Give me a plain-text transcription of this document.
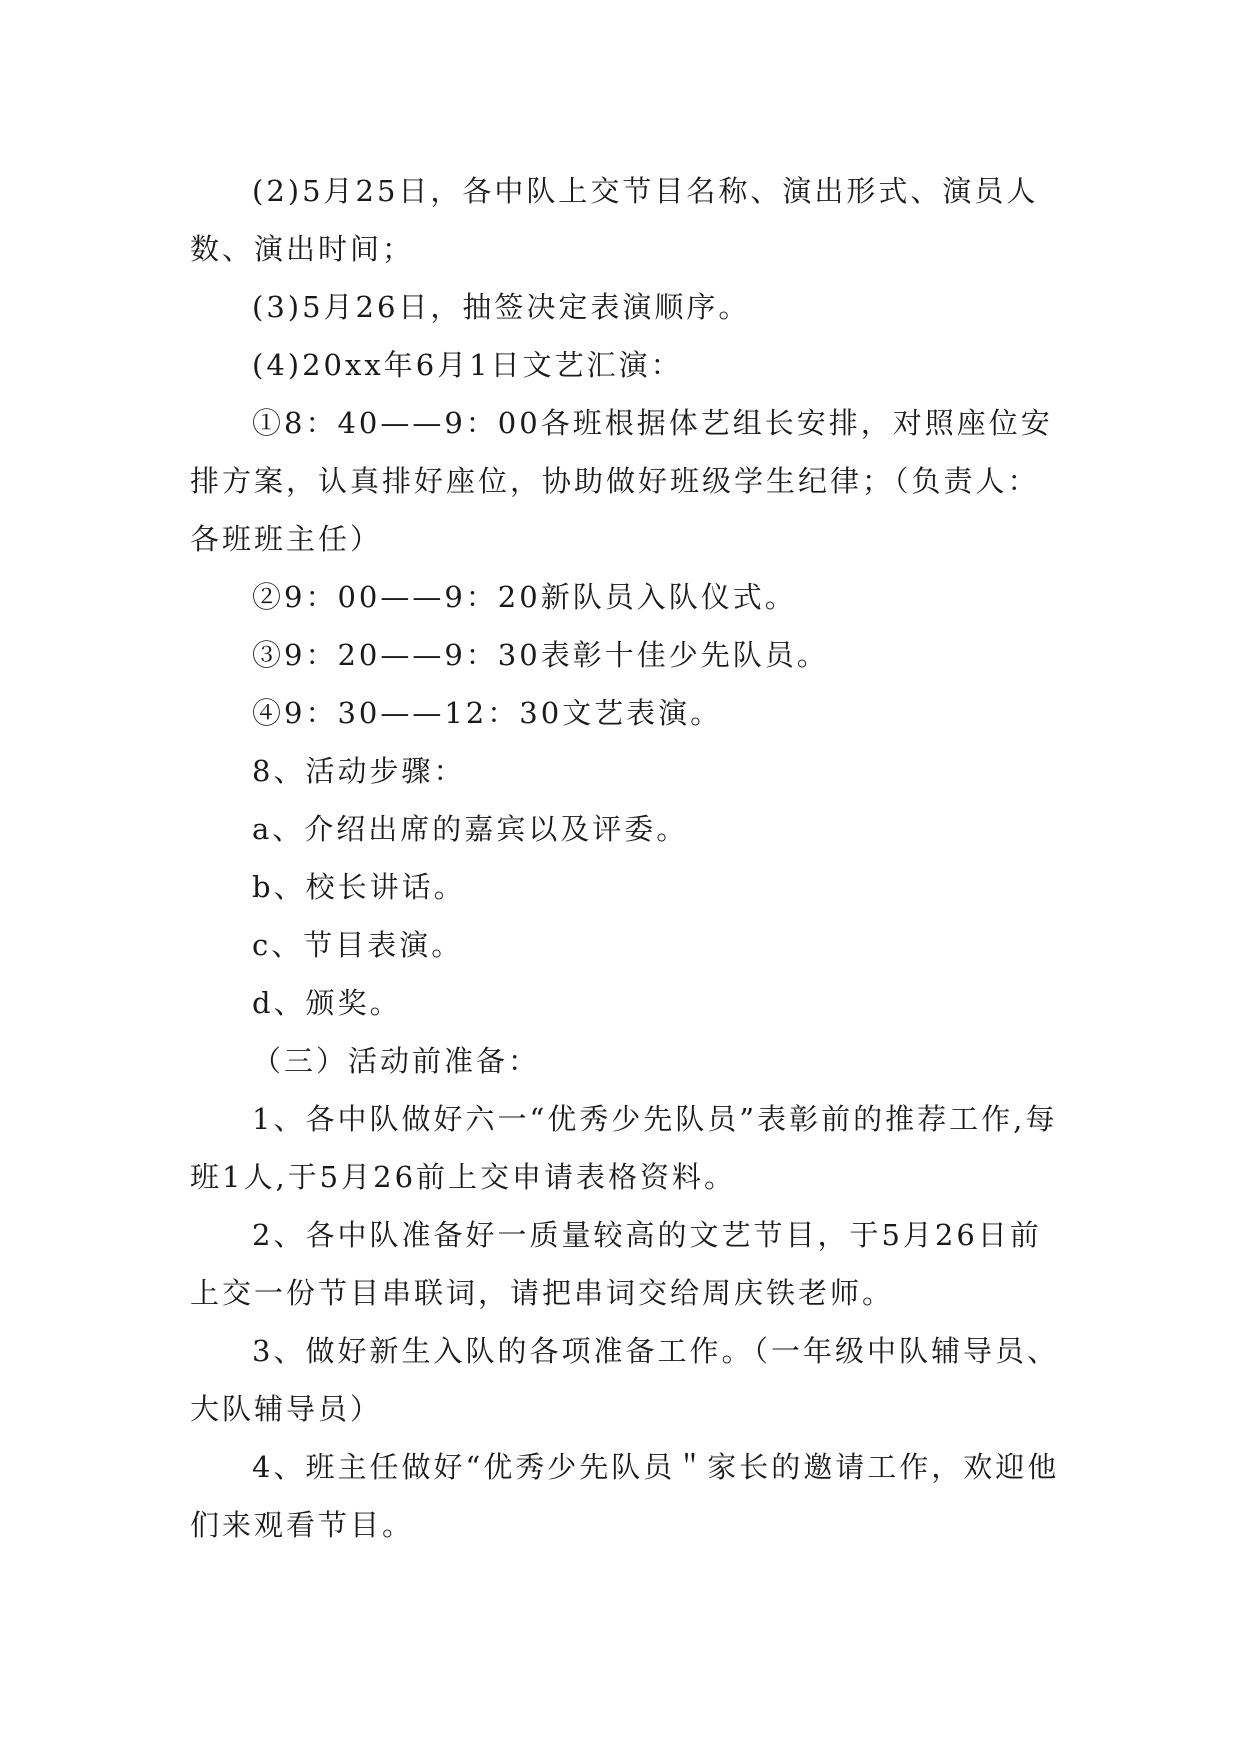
(2)5月25日，各中队上交节目名称、演出形式、演员人数、演出时间；

(3)5月26日，抽签决定表演顺序。

(4)20xx年6月1日文艺汇演：

①8：40——9：00各班根据体艺组长安排，对照座位安排方案，认真排好座位，协助做好班级学生纪律；（负责人：各班班主任）

②9：00——9：20新队员入队仪式。

③9：20——9：30表彰十佳少先队员。

④9：30——12：30文艺表演。

8、活动步骤：

a、介绍出席的嘉宾以及评委。

b、校长讲话。

c、节目表演。

d、颁奖。

（三）活动前准备：

1、各中队做好六一“优秀少先队员”表彰前的推荐工作,每班1人,于5月26前上交申请表格资料。

2、各中队准备好一质量较高的文艺节目，于5月26日前上交一份节目串联词，请把串词交给周庆铁老师。

3、做好新生入队的各项准备工作。（一年级中队辅导员、大队辅导员）

4、班主任做好“优秀少先队员＂家长的邀请工作，欢迎他们来观看节目。
